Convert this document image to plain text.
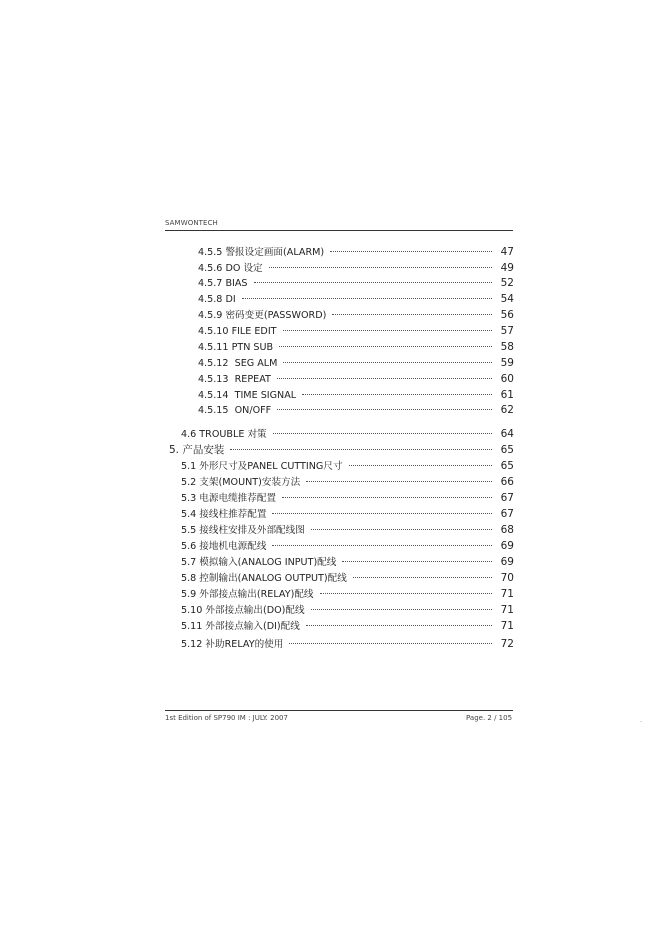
SAMWONTECH
4.5.5 警报设定画面(ALARM)	47
4.5.6 DO 设定	49
4.5.7 BIAS	52
4.5.8 DI	54
4.5.9 密码变更(PASSWORD)	56
4.5.10 FILE EDIT	57
4.5.11 PTN SUB	58
4.5.12  SEG ALM	59
4.5.13  REPEAT	60
4.5.14  TIME SIGNAL	61
4.5.15  ON/OFF	62
4.6 TROUBLE 对策	64
5. 产品安装	65
5.1 外形尺寸及PANEL CUTTING尺寸	65
5.2 支架(MOUNT)安装方法	66
5.3 电源电缆推荐配置	67
5.4 接线柱推荐配置	67
5.5 接线柱安排及外部配线图	68
5.6 接地机电源配线	69
5.7 模拟输入(ANALOG INPUT)配线	69
5.8 控制输出(ANALOG OUTPUT)配线	70
5.9 外部接点输出(RELAY)配线	71
5.10 外部接点输出(DO)配线	71
5.11 外部接点输入(DI)配线	71
5.12 补助RELAY的使用	72
1st Edition of SP790 IM : JULY. 2007	Page. 2 / 105	.
